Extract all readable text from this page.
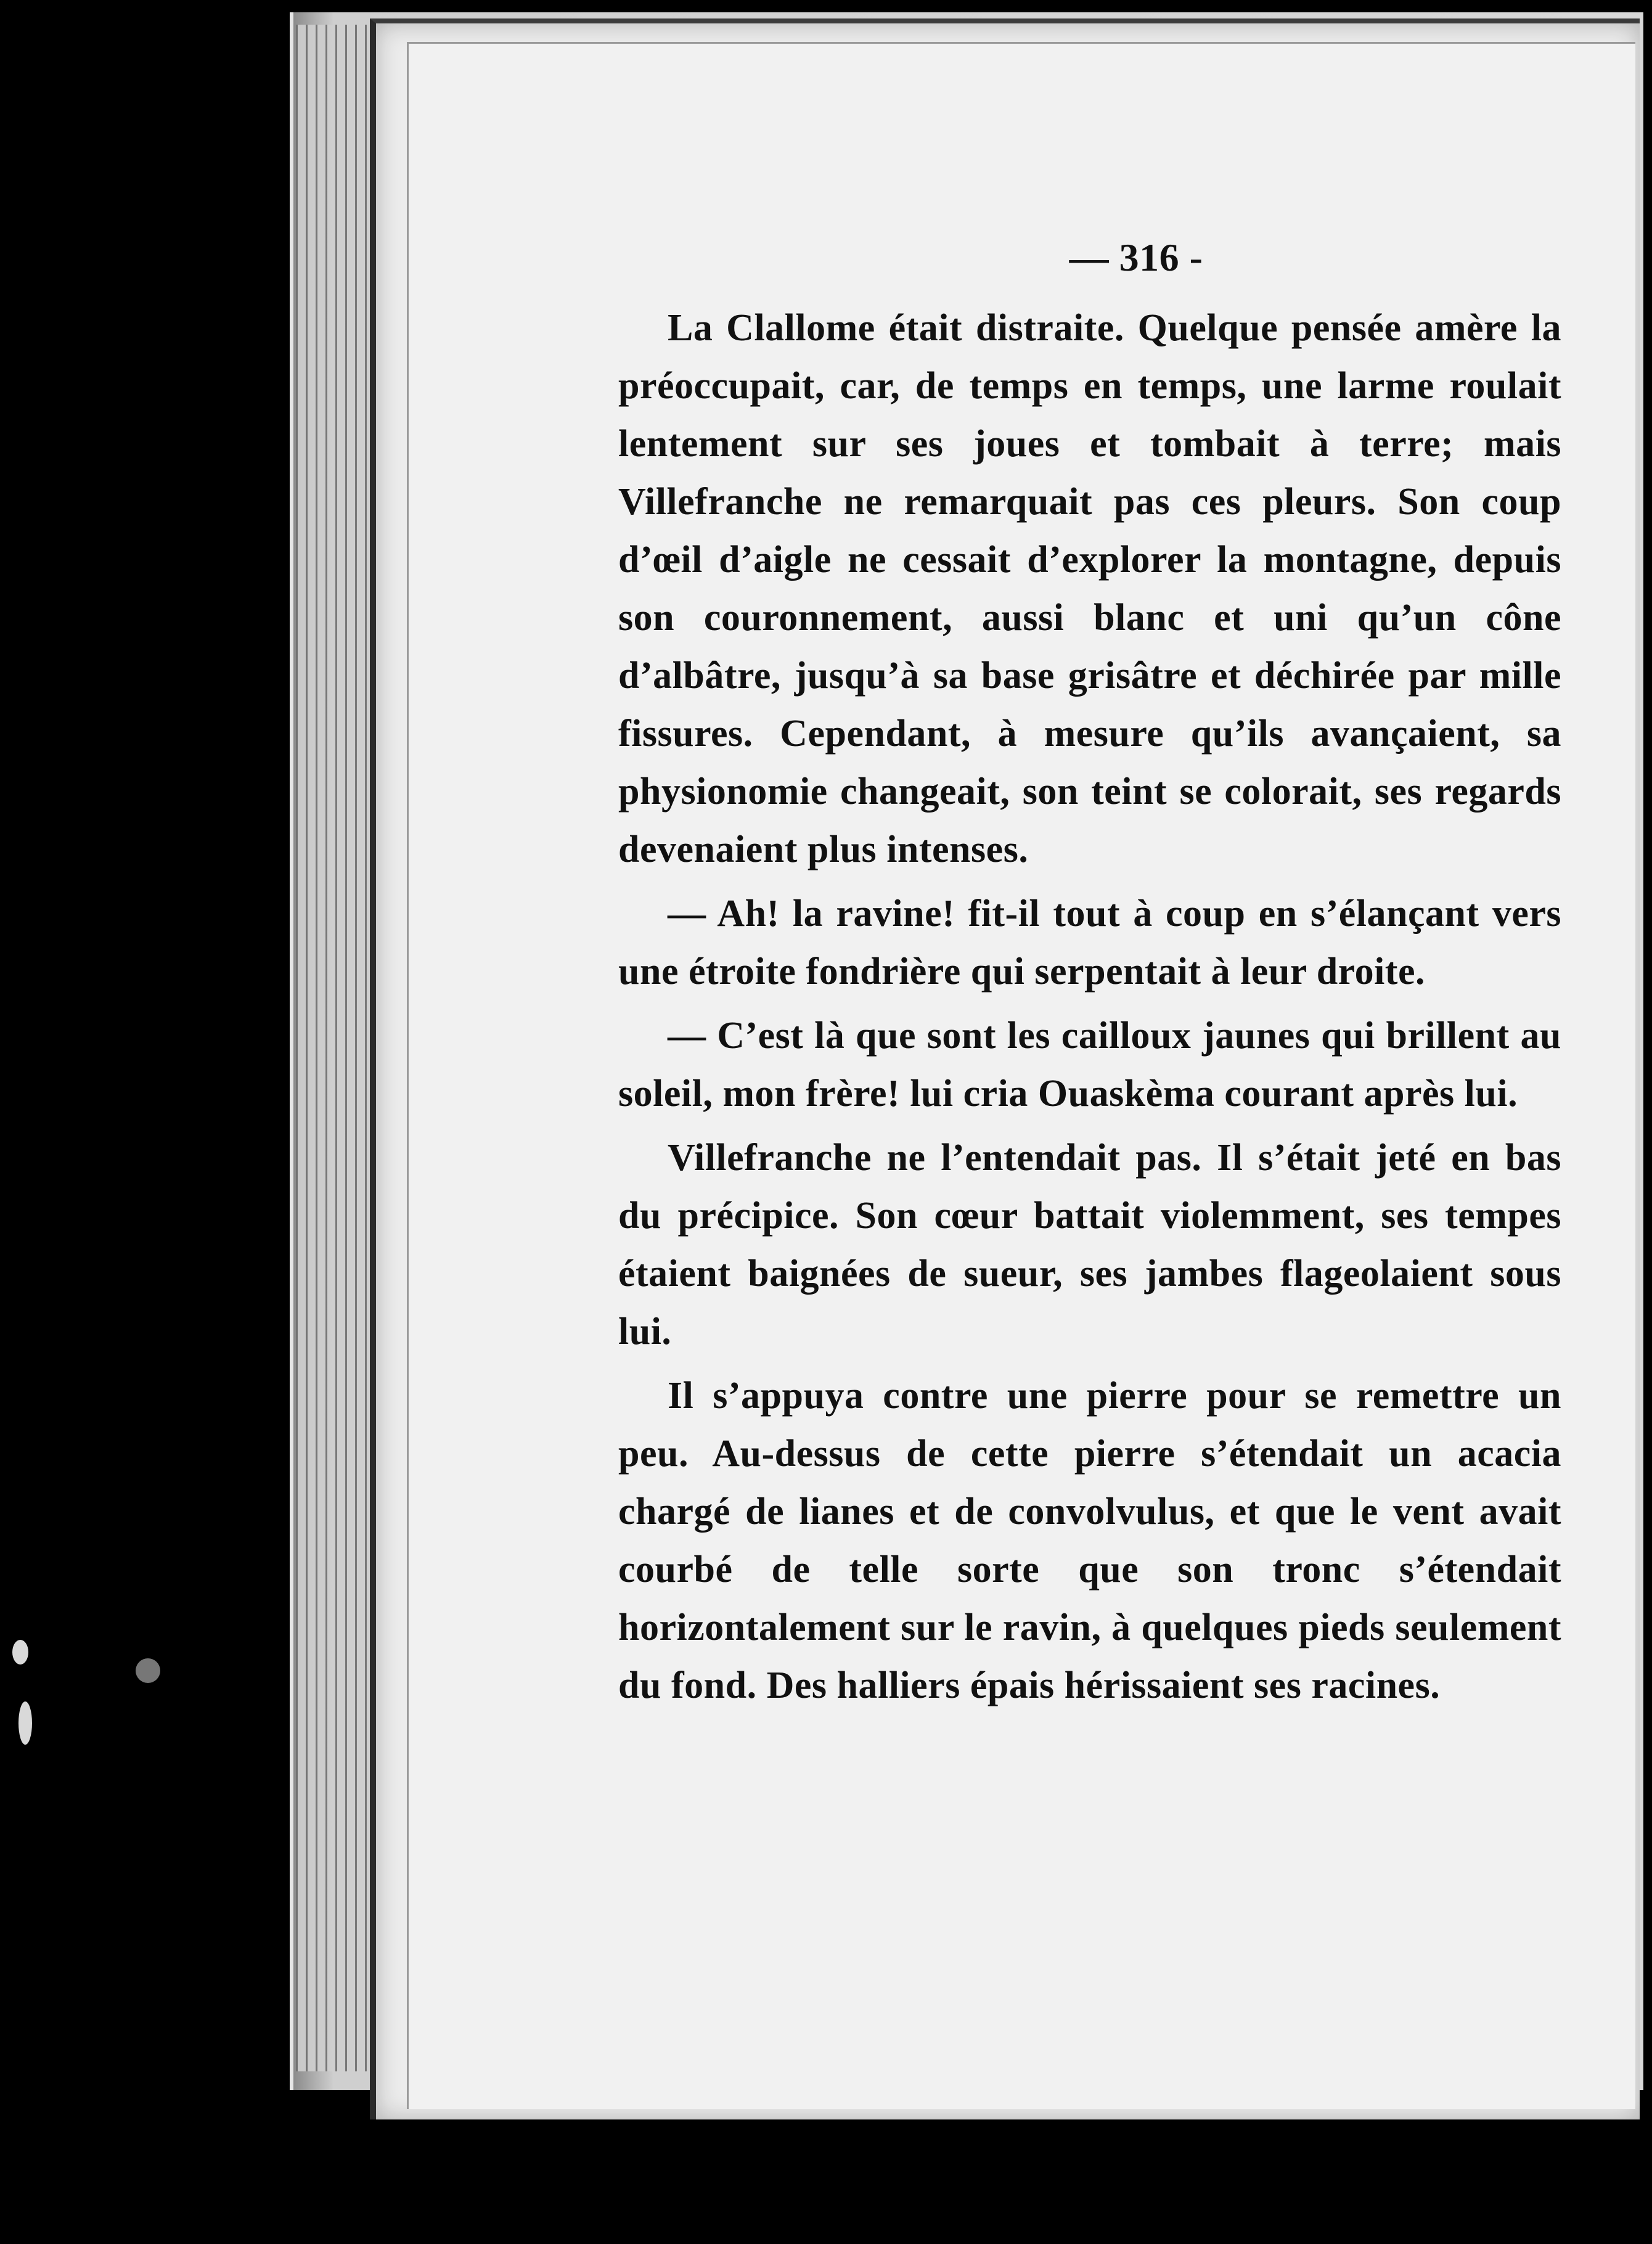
— 316 -

La Clallome était distraite. Quelque pensée amère la préoccupait, car, de temps en temps, une larme roulait lentement sur ses joues et tombait à terre; mais Villefranche ne remarquait pas ces pleurs. Son coup d’œil d’aigle ne cessait d’explorer la montagne, depuis son couronnement, aussi blanc et uni qu’un cône d’albâtre, jusqu’à sa base grisâtre et déchirée par mille fissures. Cependant, à mesure qu’ils avançaient, sa physionomie changeait, son teint se colorait, ses regards devenaient plus intenses.

— Ah! la ravine! fit-il tout à coup en s’élançant vers une étroite fondrière qui serpentait à leur droite.

— C’est là que sont les cailloux jaunes qui brillent au soleil, mon frère! lui cria Ouaskèma courant après lui.

Villefranche ne l’entendait pas. Il s’était jeté en bas du précipice. Son cœur battait violemment, ses tempes étaient baignées de sueur, ses jambes flageolaient sous lui.

Il s’appuya contre une pierre pour se remettre un peu. Au-dessus de cette pierre s’étendait un acacia chargé de lianes et de convolvulus, et que le vent avait courbé de telle sorte que son tronc s’étendait horizontalement sur le ravin, à quelques pieds seulement du fond. Des halliers épais hérissaient ses racines.
